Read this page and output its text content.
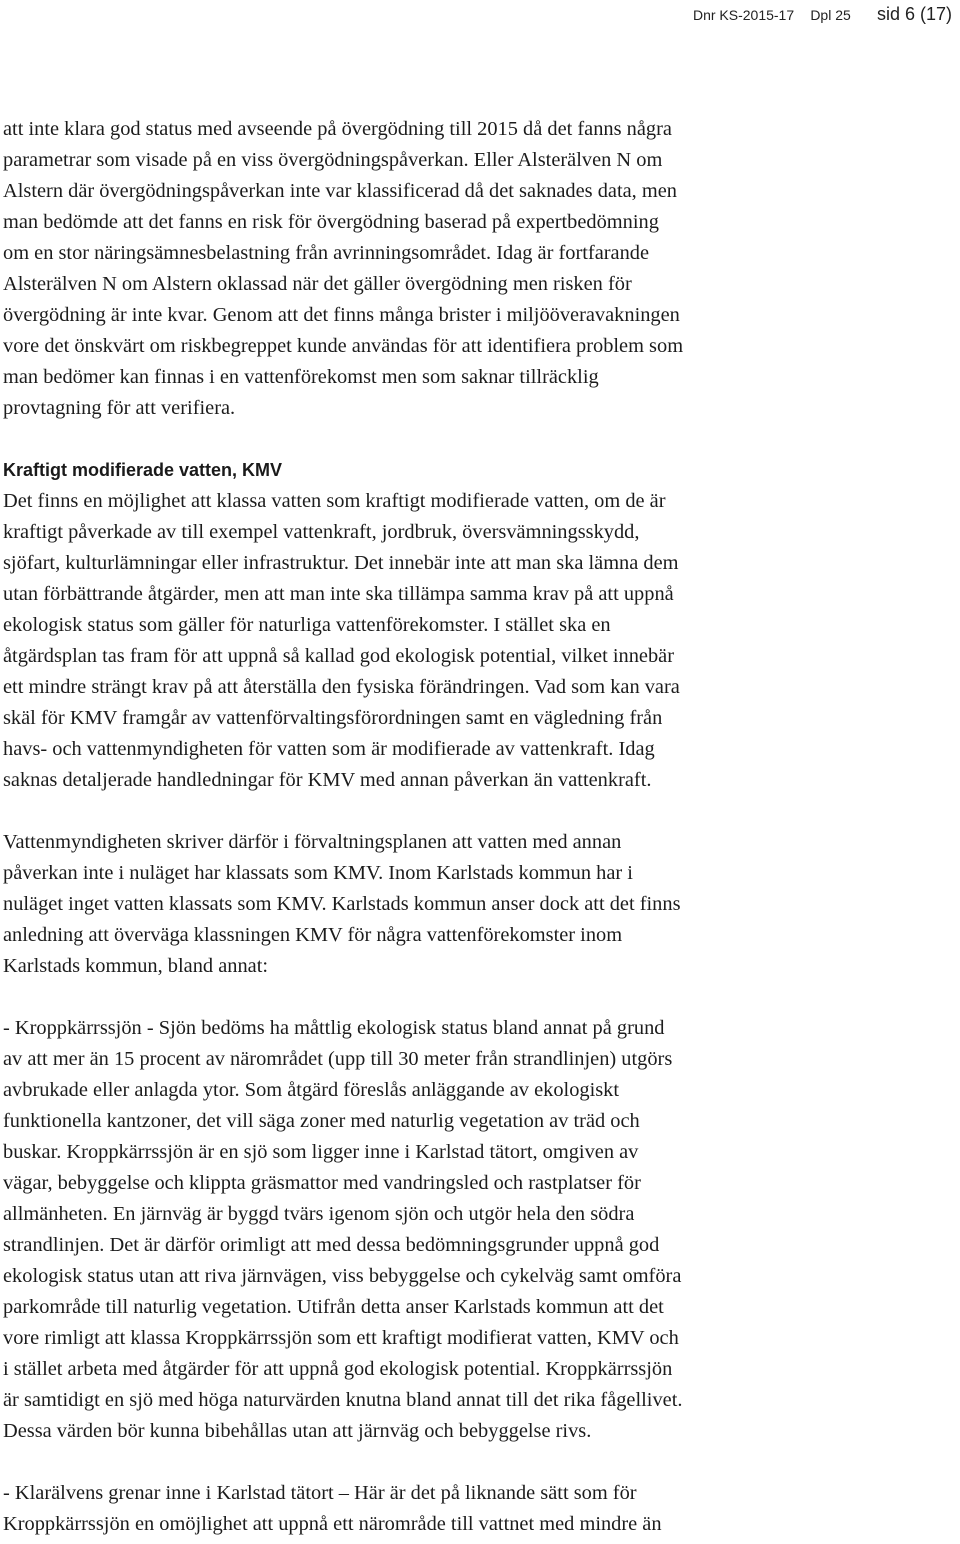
Dnr KS-2015-17 Dpl 25 sid 6 (17)

att inte klara god status med avseende på övergödning till 2015 då det fanns några
parametrar som visade på en viss övergödningspåverkan. Eller Alsterälven N om
Alstern där övergödningspåverkan inte var klassificerad då det saknades data, men
man bedömde att det fanns en risk för övergödning baserad på expertbedömning
om en stor näringsämnesbelastning från avrinningsområdet. Idag är fortfarande
Alsterälven N om Alstern oklassad när det gäller övergödning men risken för
övergödning är inte kvar. Genom att det finns många brister i miljööveravakningen
vore det önskvärt om riskbegreppet kunde användas för att identifiera problem som
man bedömer kan finnas i en vattenförekomst men som saknar tillräcklig
provtagning för att verifiera.

Kraftigt modifierade vatten, KMV

Det finns en möjlighet att klassa vatten som kraftigt modifierade vatten, om de är
kraftigt påverkade av till exempel vattenkraft, jordbruk, översvämningsskydd,
sjöfart, kulturlämningar eller infrastruktur. Det innebär inte att man ska lämna dem
utan förbättrande åtgärder, men att man inte ska tillämpa samma krav på att uppnå
ekologisk status som gäller för naturliga vattenförekomster. I stället ska en
åtgärdsplan tas fram för att uppnå så kallad god ekologisk potential, vilket innebär
ett mindre strängt krav på att återställa den fysiska förändringen. Vad som kan vara
skäl för KMV framgår av vattenförvaltingsförordningen samt en vägledning från
havs- och vattenmyndigheten för vatten som är modifierade av vattenkraft. Idag
saknas detaljerade handledningar för KMV med annan påverkan än vattenkraft.

Vattenmyndigheten skriver därför i förvaltningsplanen att vatten med annan
påverkan inte i nuläget har klassats som KMV. Inom Karlstads kommun har i
nuläget inget vatten klassats som KMV. Karlstads kommun anser dock att det finns
anledning att överväga klassningen KMV för några vattenförekomster inom
Karlstads kommun, bland annat:

- Kroppkärrssjön - Sjön bedöms ha måttlig ekologisk status bland annat på grund
av att mer än 15 procent av närområdet (upp till 30 meter från strandlinjen) utgörs
avbrukade eller anlagda ytor. Som åtgärd föreslås anläggande av ekologiskt
funktionella kantzoner, det vill säga zoner med naturlig vegetation av träd och
buskar. Kroppkärrssjön är en sjö som ligger inne i Karlstad tätort, omgiven av
vägar, bebyggelse och klippta gräsmattor med vandringsled och rastplatser för
allmänheten. En järnväg är byggd tvärs igenom sjön och utgör hela den södra
strandlinjen. Det är därför orimligt att med dessa bedömningsgrunder uppnå god
ekologisk status utan att riva järnvägen, viss bebyggelse och cykelväg samt omföra
parkområde till naturlig vegetation. Utifrån detta anser Karlstads kommun att det
vore rimligt att klassa Kroppkärrssjön som ett kraftigt modifierat vatten, KMV och
i stället arbeta med åtgärder för att uppnå god ekologisk potential. Kroppkärrssjön
är samtidigt en sjö med höga naturvärden knutna bland annat till det rika fågellivet.
Dessa värden bör kunna bibehållas utan att järnväg och bebyggelse rivs.

- Klarälvens grenar inne i Karlstad tätort – Här är det på liknande sätt som för
Kroppkärrssjön en omöjlighet att uppnå ett närområde till vattnet med mindre än
